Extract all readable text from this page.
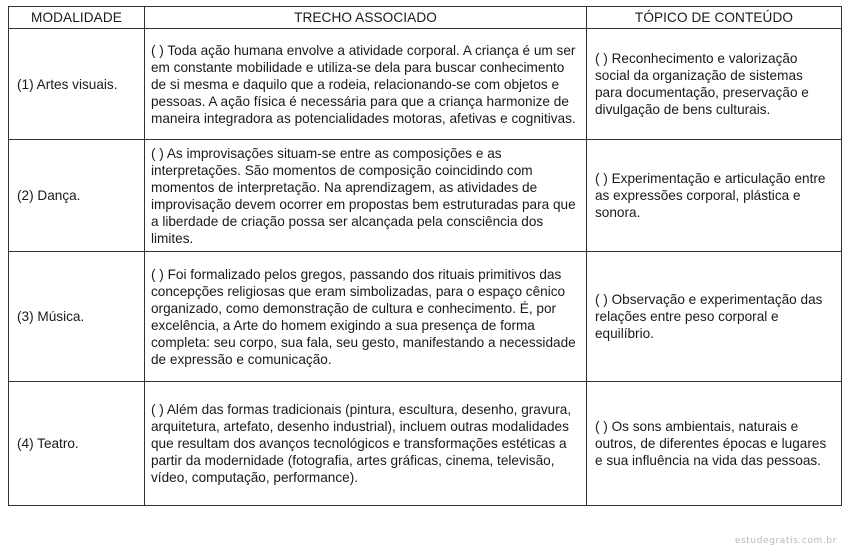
MODALIDADE	TRECHO ASSOCIADO	TÓPICO DE CONTEÚDO
(1) Artes visuais.	( ) Toda ação humana envolve a atividade corporal. A criança é um ser em constante mobilidade e utiliza-se dela para buscar conhecimento de si mesma e daquilo que a rodeia, relacionando-se com objetos e pessoas. A ação física é necessária para que a criança harmonize de maneira integradora as potencialidades motoras, afetivas e cognitivas.	( ) Reconhecimento e valorização social da organização de sistemas para documentação, preservação e divulgação de bens culturais.
(2) Dança.	( ) As improvisações situam-se entre as composições e as interpretações. São momentos de composição coincidindo com momentos de interpretação. Na aprendizagem, as atividades de improvisação devem ocorrer em propostas bem estruturadas para que a liberdade de criação possa ser alcançada pela consciência dos limites.	( ) Experimentação e articulação entre as expressões corporal, plástica e sonora.
(3) Música.	( ) Foi formalizado pelos gregos, passando dos rituais primitivos das concepções religiosas que eram simbolizadas, para o espaço cênico organizado, como demonstração de cultura e conhecimento. É, por excelência, a Arte do homem exigindo a sua presença de forma completa: seu corpo, sua fala, seu gesto, manifestando a necessidade de expressão e comunicação.	( ) Observação e experimentação das relações entre peso corporal e equilíbrio.
(4) Teatro.	( ) Além das formas tradicionais (pintura, escultura, desenho, gravura, arquitetura, artefato, desenho industrial), incluem outras modalidades que resultam dos avanços tecnológicos e transformações estéticas a partir da modernidade (fotografia, artes gráficas, cinema, televisão, vídeo, computação, performance).	( ) Os sons ambientais, naturais e outros, de diferentes épocas e lugares e sua influência na vida das pessoas.
estudegratis.com.br
